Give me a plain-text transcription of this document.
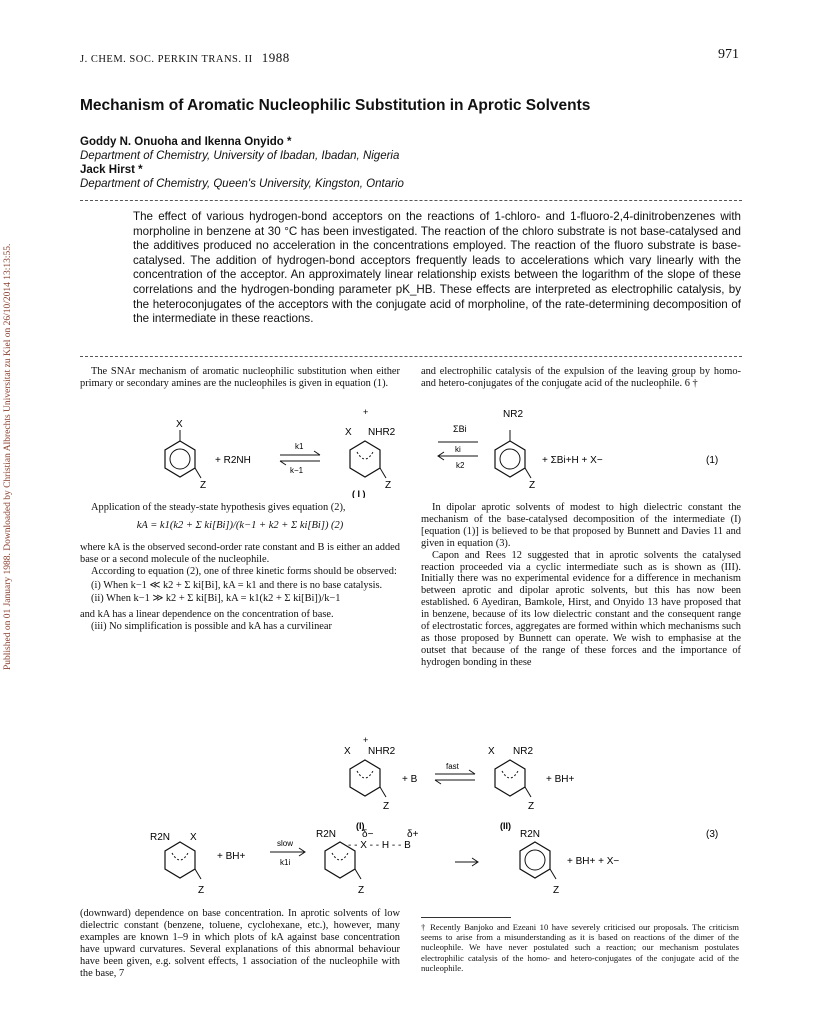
J. CHEM. SOC. PERKIN TRANS. II 1988	971
Published on 01 January 1988. Downloaded by Christian Albrechts Universitat zu Kiel on 26/10/2014 13:13:55.
Mechanism of Aromatic Nucleophilic Substitution in Aprotic Solvents
Goddy N. Onuoha and Ikenna Onyido *
Department of Chemistry, University of Ibadan, Ibadan, Nigeria
Jack Hirst *
Department of Chemistry, Queen's University, Kingston, Ontario
The effect of various hydrogen-bond acceptors on the reactions of 1-chloro- and 1-fluoro-2,4-dinitrobenzenes with morpholine in benzene at 30 °C has been investigated. The reaction of the chloro substrate is not base-catalysed and the additives produced no acceleration in the concentrations employed. The reaction of the fluoro substrate is base-catalysed. The addition of hydrogen-bond acceptors frequently leads to accelerations which vary linearly with the concentration of the acceptor. An approximately linear relationship exists between the logarithm of the slope of these correlations and the hydrogen-bonding parameter pK_HB. These effects are interpreted as electrophilic catalysis, by the heteroconjugates of the acceptors with the conjugate acid of morpholine, of the rate-determining decomposition of the intermediate in these reactions.

The SNAr mechanism of aromatic nucleophilic substitution when either primary or secondary amines are the nucleophiles is given in equation (1).

and electrophilic catalysis of the expulsion of the leaving group by homo- and hetero-conjugates of the conjugate acid of the nucleophile. 6 †

X
Z
+ R2NH
k1
k−1
X
+
NHR2
Z
( I )
ΣBi
ki
k2
NR2
Z
+ ΣBi+H + X−	(1)

Application of the steady-state hypothesis gives equation (2),

kA = k1(k2 + Σ ki[Bi])/(k−1 + k2 + Σ ki[Bi]) (2)

where kA is the observed second-order rate constant and B is either an added base or a second molecule of the nucleophile.

According to equation (2), one of three kinetic forms should be observed:

(i) When k−1 ≪ k2 + Σ ki[Bi], kA = k1 and there is no base catalysis.

(ii) When k−1 ≫ k2 + Σ ki[Bi], kA = k1(k2 + Σ ki[Bi])/k−1

and kA has a linear dependence on the concentration of base.

(iii) No simplification is possible and kA has a curvilinear

In dipolar aprotic solvents of modest to high dielectric constant the mechanism of the base-catalysed decomposition of the intermediate (I) [equation (1)] is believed to be that proposed by Bunnett and Davies 11 and given in equation (3).

Capon and Rees 12 suggested that in aprotic solvents the catalysed reaction proceeded via a cyclic intermediate such as is shown as (III). Initially there was no experimental evidence for a difference in mechanism between aprotic and dipolar aprotic solvents, but this has now been established. 6 Ayediran, Bamkole, Hirst, and Onyido 13 have proposed that in benzene, because of its low dielectric constant and the consequent range of electrostatic forces, aggregates are formed within which mechanisms such as those proposed by Bunnett can operate. We wish to emphasise at the outset that because of the range of these forces and the importance of hydrogen bonding in these

+
X NHR2
Z
+ B
fast
X NR2
Z
+ BH+
(I)	(II)
(3)
R2N X
Z
+ BH+
slow
k1i
R2N	δ−	δ+
- - X - - H - - B
Z
R2N
Z
+ BH+ + X−

(downward) dependence on base concentration. In aprotic solvents of low dielectric constant (benzene, toluene, cyclohexane, etc.), however, many examples are known 1–9 in which plots of kA against base concentration have upward curvatures. Several explanations of this abnormal behaviour have been given, e.g. solvent effects, 1 association of the nucleophile with the base, 7

† Recently Banjoko and Ezeani 10 have severely criticised our proposals. The criticism seems to arise from a misunderstanding as it is based on reactions of the dimer of the nucleophile. We have never postulated such a reaction; our mechanism postulates electrophilic catalysis of the homo- and hetero-conjugates of the conjugate acid of the nucleophile.
